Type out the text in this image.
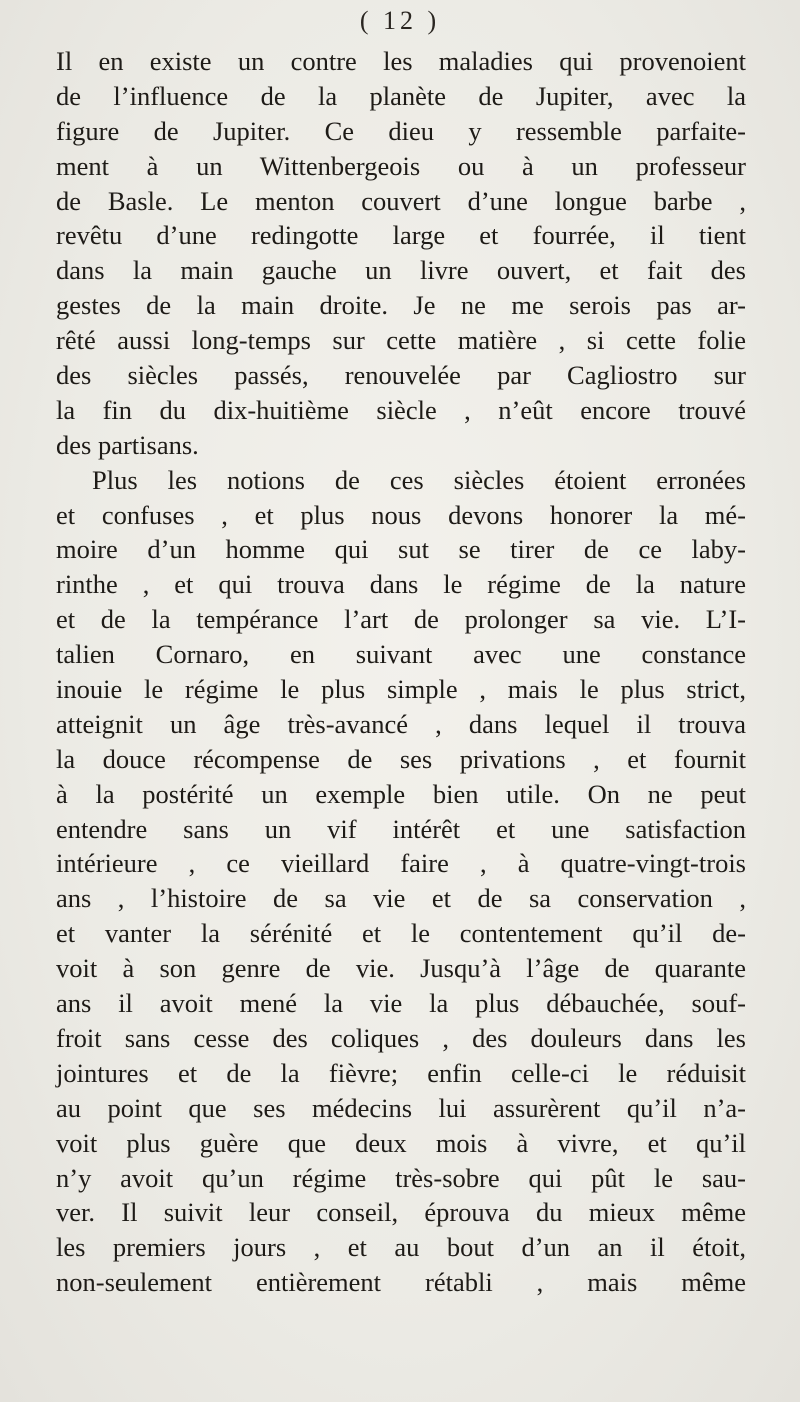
( 12 )
Il en existe un contre les maladies qui provenoient
de l’influence de la planète de Jupiter, avec la
figure de Jupiter. Ce dieu y ressemble parfaite-
ment à un Wittenbergeois ou à un professeur
de Basle. Le menton couvert d’une longue barbe ,
revêtu d’une redingotte large et fourrée, il tient
dans la main gauche un livre ouvert, et fait des
gestes de la main droite. Je ne me serois pas ar-
rêté aussi long-temps sur cette matière , si cette folie
des siècles passés, renouvelée par Cagliostro sur
la fin du dix-huitième siècle , n’eût encore trouvé
des partisans.
Plus les notions de ces siècles étoient erronées
et confuses , et plus nous devons honorer la mé-
moire d’un homme qui sut se tirer de ce laby-
rinthe , et qui trouva dans le régime de la nature
et de la tempérance l’art de prolonger sa vie. L’I-
talien Cornaro, en suivant avec une constance
inouie le régime le plus simple , mais le plus strict,
atteignit un âge très-avancé , dans lequel il trouva
la douce récompense de ses privations , et fournit
à la postérité un exemple bien utile. On ne peut
entendre sans un vif intérêt et une satisfaction
intérieure , ce vieillard faire , à quatre-vingt-trois
ans , l’histoire de sa vie et de sa conservation ,
et vanter la sérénité et le contentement qu’il de-
voit à son genre de vie. Jusqu’à l’âge de quarante
ans il avoit mené la vie la plus débauchée, souf-
froit sans cesse des coliques , des douleurs dans les
jointures et de la fièvre; enfin celle-ci le réduisit
au point que ses médecins lui assurèrent qu’il n’a-
voit plus guère que deux mois à vivre, et qu’il
n’y avoit qu’un régime très-sobre qui pût le sau-
ver. Il suivit leur conseil, éprouva du mieux même
les premiers jours , et au bout d’un an il étoit,
non-seulement entièrement rétabli , mais même
